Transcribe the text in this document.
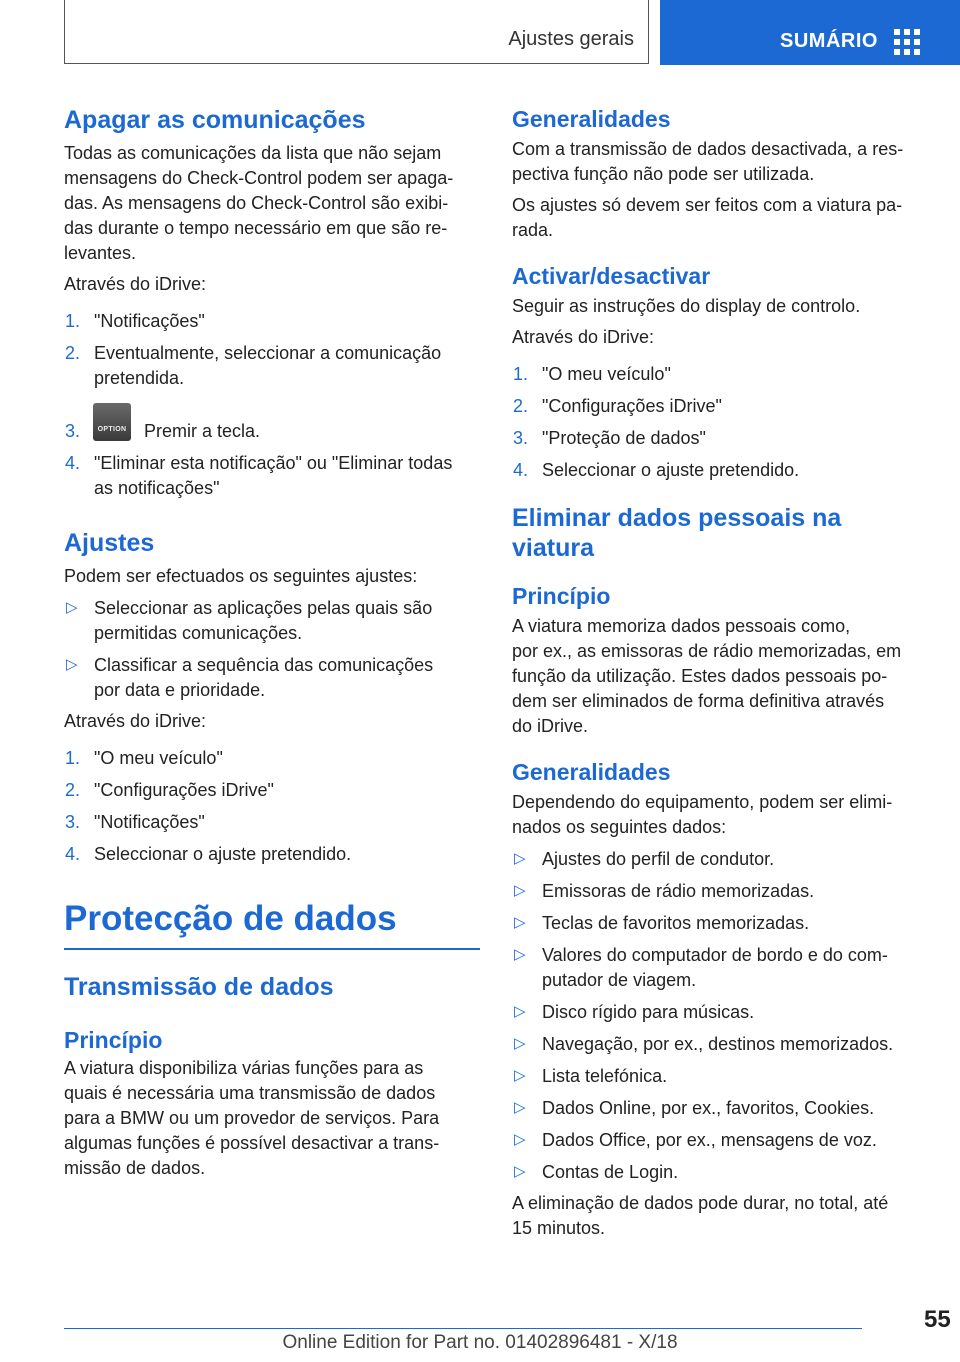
Ajustes gerais	SUMÁRIO
Apagar as comunicações

Todas as comunicações da lista que não sejam
mensagens do Check-Control podem ser apaga-
das. As mensagens do Check-Control são exibi-
das durante o tempo necessário em que são re-
levantes.

Através do iDrive:

1. "Notificações"
2. Eventualmente, seleccionar a comunicação
pretendida.
3.	OPTION Premir a tecla.
4. "Eliminar esta notificação" ou "Eliminar todas
as notificações"
Ajustes

Podem ser efectuados os seguintes ajustes:

▷ Seleccionar as aplicações pelas quais são
permitidas comunicações.
▷ Classificar a sequência das comunicações
por data e prioridade.

Através do iDrive:

1. "O meu veículo"
2. "Configurações iDrive"
3. "Notificações"
4. Seleccionar o ajuste pretendido.
Protecção de dados
Transmissão de dados
Princípio

A viatura disponibiliza várias funções para as
quais é necessária uma transmissão de dados
para a BMW ou um provedor de serviços. Para
algumas funções é possível desactivar a trans-
missão de dados.

Generalidades

Com a transmissão de dados desactivada, a res-
pectiva função não pode ser utilizada.

Os ajustes só devem ser feitos com a viatura pa-
rada.

Activar/desactivar

Seguir as instruções do display de controlo.

Através do iDrive:

1. "O meu veículo"
2. "Configurações iDrive"
3. "Proteção de dados"
4. Seleccionar o ajuste pretendido.
Eliminar dados pessoais na
viatura
Princípio

A viatura memoriza dados pessoais como,
por ex., as emissoras de rádio memorizadas, em
função da utilização. Estes dados pessoais po-
dem ser eliminados de forma definitiva através
do iDrive.

Generalidades

Dependendo do equipamento, podem ser elimi-
nados os seguintes dados:

▷ Ajustes do perfil de condutor.
▷ Emissoras de rádio memorizadas.
▷ Teclas de favoritos memorizadas.
▷ Valores do computador de bordo e do com-
putador de viagem.
▷ Disco rígido para músicas.
▷ Navegação, por ex., destinos memorizados.
▷ Lista telefónica.
▷ Dados Online, por ex., favoritos, Cookies.
▷ Dados Office, por ex., mensagens de voz.
▷ Contas de Login.

A eliminação de dados pode durar, no total, até
15 minutos.

55
Online Edition for Part no. 01402896481 - X/18
